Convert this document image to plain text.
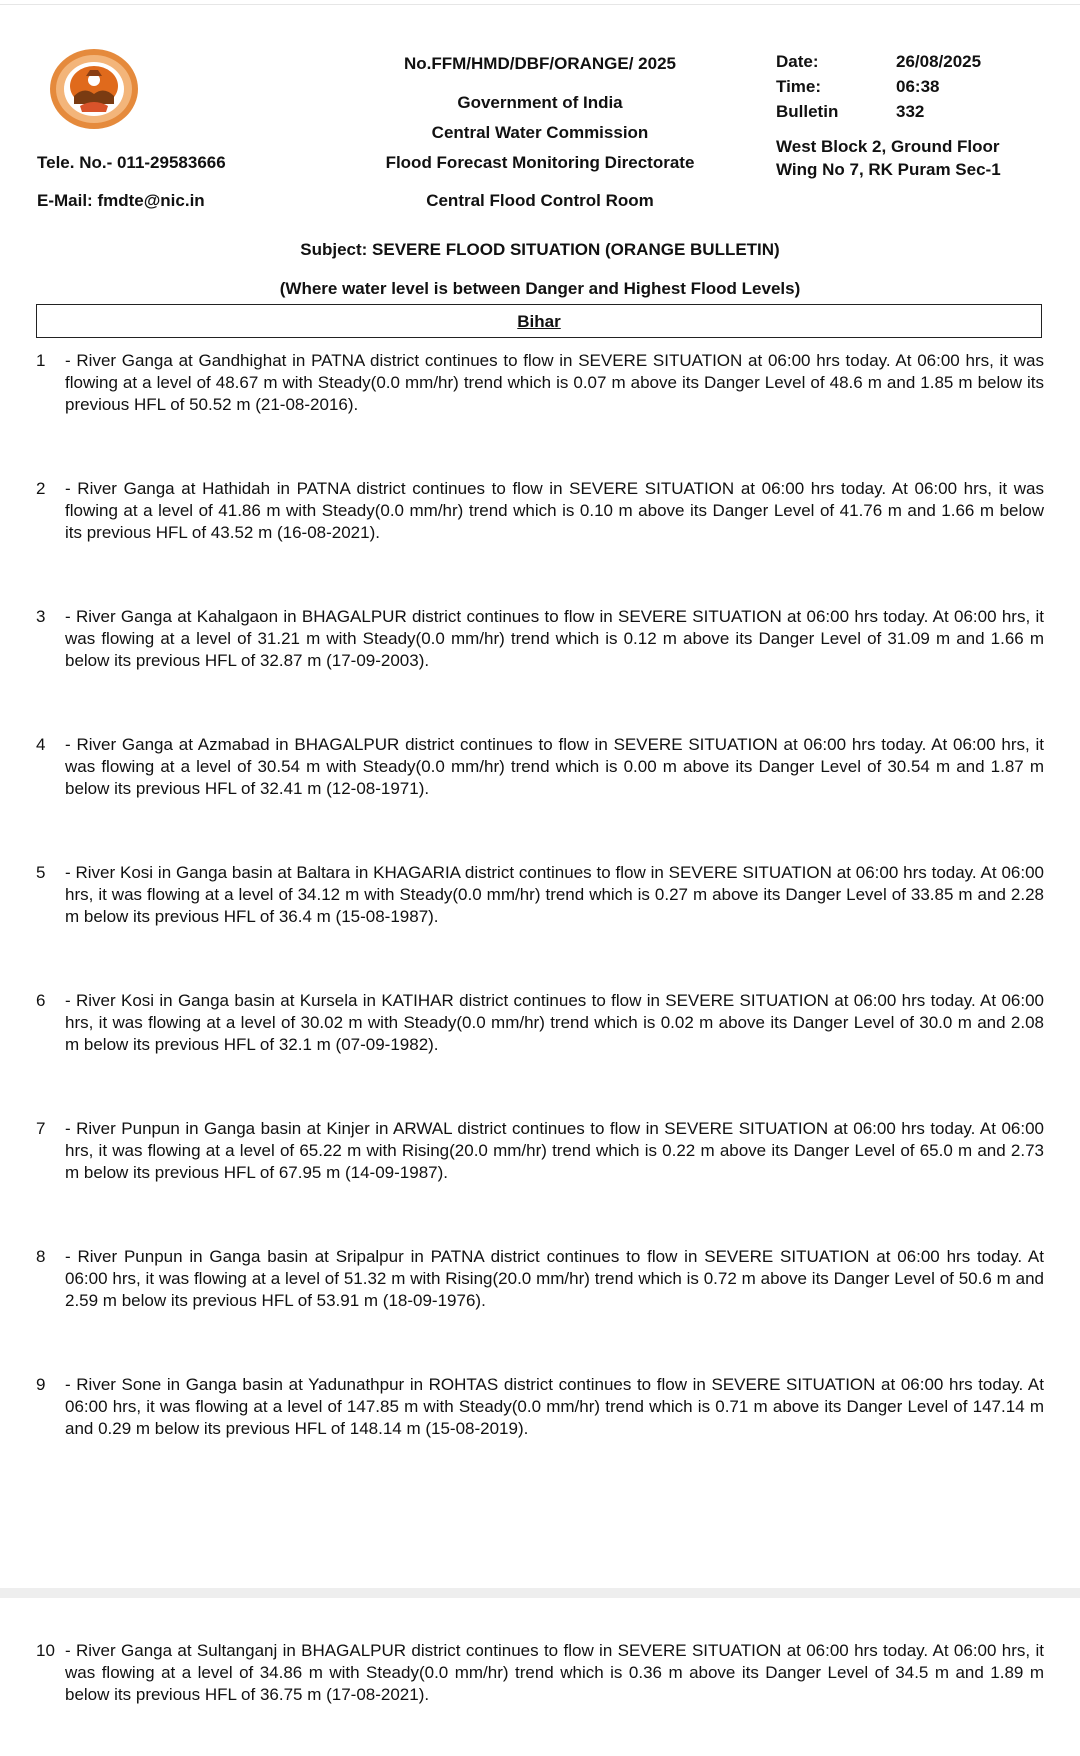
No.FFM/HMD/DBF/ORANGE/ 2025
Government of India
Central Water Commission
Flood Forecast Monitoring Directorate
Central Flood Control Room
Tele. No.- 011-29583666
E-Mail: fmdte@nic.in
Date:	26/08/2025
Time:	06:38
Bulletin	332
West Block 2, Ground Floor
Wing No 7, RK Puram Sec-1
Subject: SEVERE FLOOD SITUATION (ORANGE BULLETIN)
(Where water level is between Danger and Highest Flood Levels)
Bihar
1	- River Ganga at Gandhighat in PATNA district continues to flow in SEVERE SITUATION at 06:00 hrs today. At 06:00 hrs, it was flowing at a level of 48.67 m with Steady(0.0 mm/hr) trend which is 0.07 m above its Danger Level of 48.6 m and 1.85 m below its previous HFL of 50.52 m (21-08-2016).
2	- River Ganga at Hathidah in PATNA district continues to flow in SEVERE SITUATION at 06:00 hrs today. At 06:00 hrs, it was flowing at a level of 41.86 m with Steady(0.0 mm/hr) trend which is 0.10 m above its Danger Level of 41.76 m and 1.66 m below its previous HFL of 43.52 m (16-08-2021).
3	- River Ganga at Kahalgaon in BHAGALPUR district continues to flow in SEVERE SITUATION at 06:00 hrs today. At 06:00 hrs, it was flowing at a level of 31.21 m with Steady(0.0 mm/hr) trend which is 0.12 m above its Danger Level of 31.09 m and 1.66 m below its previous HFL of 32.87 m (17-09-2003).
4	- River Ganga at Azmabad in BHAGALPUR district continues to flow in SEVERE SITUATION at 06:00 hrs today. At 06:00 hrs, it was flowing at a level of 30.54 m with Steady(0.0 mm/hr) trend which is 0.00 m above its Danger Level of 30.54 m and 1.87 m below its previous HFL of 32.41 m (12-08-1971).
5	- River Kosi in Ganga basin at Baltara in KHAGARIA district continues to flow in SEVERE SITUATION at 06:00 hrs today. At 06:00 hrs, it was flowing at a level of 34.12 m with Steady(0.0 mm/hr) trend which is 0.27 m above its Danger Level of 33.85 m and 2.28 m below its previous HFL of 36.4 m (15-08-1987).
6	- River Kosi in Ganga basin at Kursela in KATIHAR district continues to flow in SEVERE SITUATION at 06:00 hrs today. At 06:00 hrs, it was flowing at a level of 30.02 m with Steady(0.0 mm/hr) trend which is 0.02 m above its Danger Level of 30.0 m and 2.08 m below its previous HFL of 32.1 m (07-09-1982).
7	- River Punpun in Ganga basin at Kinjer in ARWAL district continues to flow in SEVERE SITUATION at 06:00 hrs today. At 06:00 hrs, it was flowing at a level of 65.22 m with Rising(20.0 mm/hr) trend which is 0.22 m above its Danger Level of 65.0 m and 2.73 m below its previous HFL of 67.95 m (14-09-1987).
8	- River Punpun in Ganga basin at Sripalpur in PATNA district continues to flow in SEVERE SITUATION at 06:00 hrs today. At 06:00 hrs, it was flowing at a level of 51.32 m with Rising(20.0 mm/hr) trend which is 0.72 m above its Danger Level of 50.6 m and 2.59 m below its previous HFL of 53.91 m (18-09-1976).
9	- River Sone in Ganga basin at Yadunathpur in ROHTAS district continues to flow in SEVERE SITUATION at 06:00 hrs today. At 06:00 hrs, it was flowing at a level of 147.85 m with Steady(0.0 mm/hr) trend which is 0.71 m above its Danger Level of 147.14 m and 0.29 m below its previous HFL of 148.14 m (15-08-2019).
10 - River Ganga at Sultanganj in BHAGALPUR district continues to flow in SEVERE SITUATION at 06:00 hrs today. At 06:00 hrs, it was flowing at a level of 34.86 m with Steady(0.0 mm/hr) trend which is 0.36 m above its Danger Level of 34.5 m and 1.89 m below its previous HFL of 36.75 m (17-08-2021).
